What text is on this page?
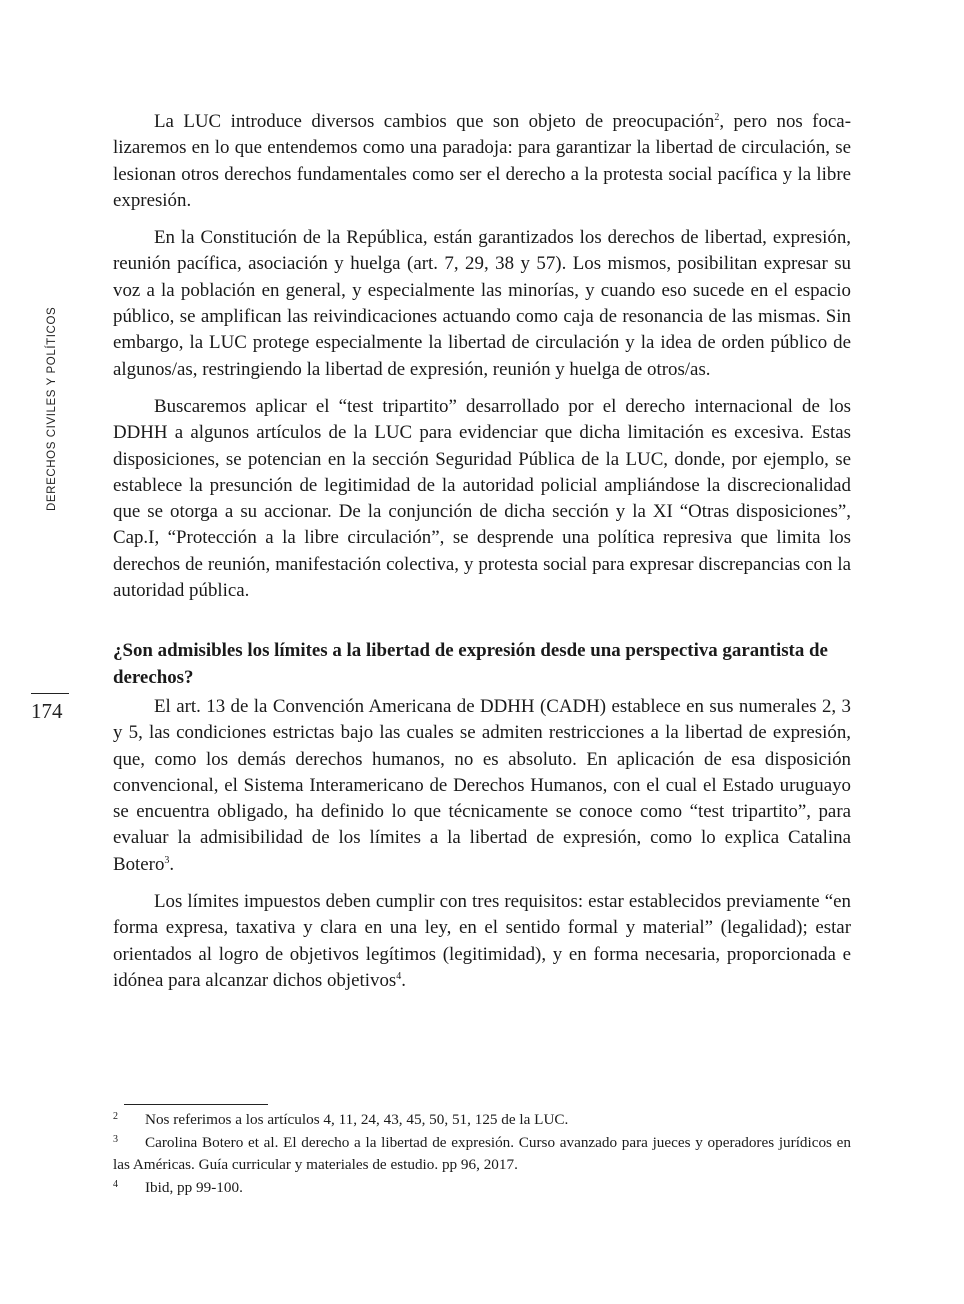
DERECHOS CIVILES Y POLÍTICOS
174

La LUC introduce diversos cambios que son objeto de preocupación$^2$, pero nos focalizaremos en lo que entendemos como una paradoja: para garantizar la libertad de circulación, se lesionan otros derechos fundamentales como ser el derecho a la protesta social pacífica y la libre expresión.

En la Constitución de la República, están garantizados los derechos de libertad, expresión, reunión pacífica, asociación y huelga (art. 7, 29, 38 y 57). Los mismos, posibilitan expresar su voz a la población en general, y especialmente las minorías, y cuando eso sucede en el espacio público, se amplifican las reivindicaciones actuando como caja de resonancia de las mismas. Sin embargo, la LUC protege especialmente la libertad de circulación y la idea de orden público de algunos/as, restringiendo la libertad de expresión, reunión y huelga de otros/as.

Buscaremos aplicar el “test tripartito” desarrollado por el derecho internacional de los DDHH a algunos artículos de la LUC para evidenciar que dicha limitación es excesiva. Estas disposiciones, se potencian en la sección Seguridad Pública de la LUC, donde, por ejemplo, se establece la presunción de legitimidad de la autoridad policial ampliándose la discrecionalidad que se otorga a su accionar. De la conjunción de dicha sección y la XI “Otras disposiciones”, Cap.I, “Protección a la libre circulación”, se desprende una política represiva que limita los derechos de reunión, manifestación colectiva, y protesta social para expresar discrepancias con la autoridad pública.

¿Son admisibles los límites a la libertad de expresión desde una perspectiva garantista de derechos?

El art. 13 de la Convención Americana de DDHH (CADH) establece en sus numerales 2, 3 y 5, las condiciones estrictas bajo las cuales se admiten restricciones a la libertad de expresión, que, como los demás derechos humanos, no es absoluto. En aplicación de esa disposición convencional, el Sistema Interamericano de Derechos Humanos, con el cual el Estado uruguayo se encuentra obligado, ha definido lo que técnicamente se conoce como “test tripartito”, para evaluar la admisibilidad de los límites a la libertad de expresión, como lo explica Catalina Botero$^3$.

Los límites impuestos deben cumplir con tres requisitos: estar establecidos previamente “en forma expresa, taxativa y clara en una ley, en el sentido formal y material” (legalidad); estar orientados al logro de objetivos legítimos (legitimidad), y en forma necesaria, proporcionada e idónea para alcanzar dichos objetivos$^4$.

2 Nos referimos a los artículos 4, 11, 24, 43, 45, 50, 51, 125 de la LUC.

3 Carolina Botero et al. El derecho a la libertad de expresión. Curso avanzado para jueces y operadores jurídicos en las Américas. Guía curricular y materiales de estudio. pp 96, 2017.

4 Ibid, pp 99-100.
